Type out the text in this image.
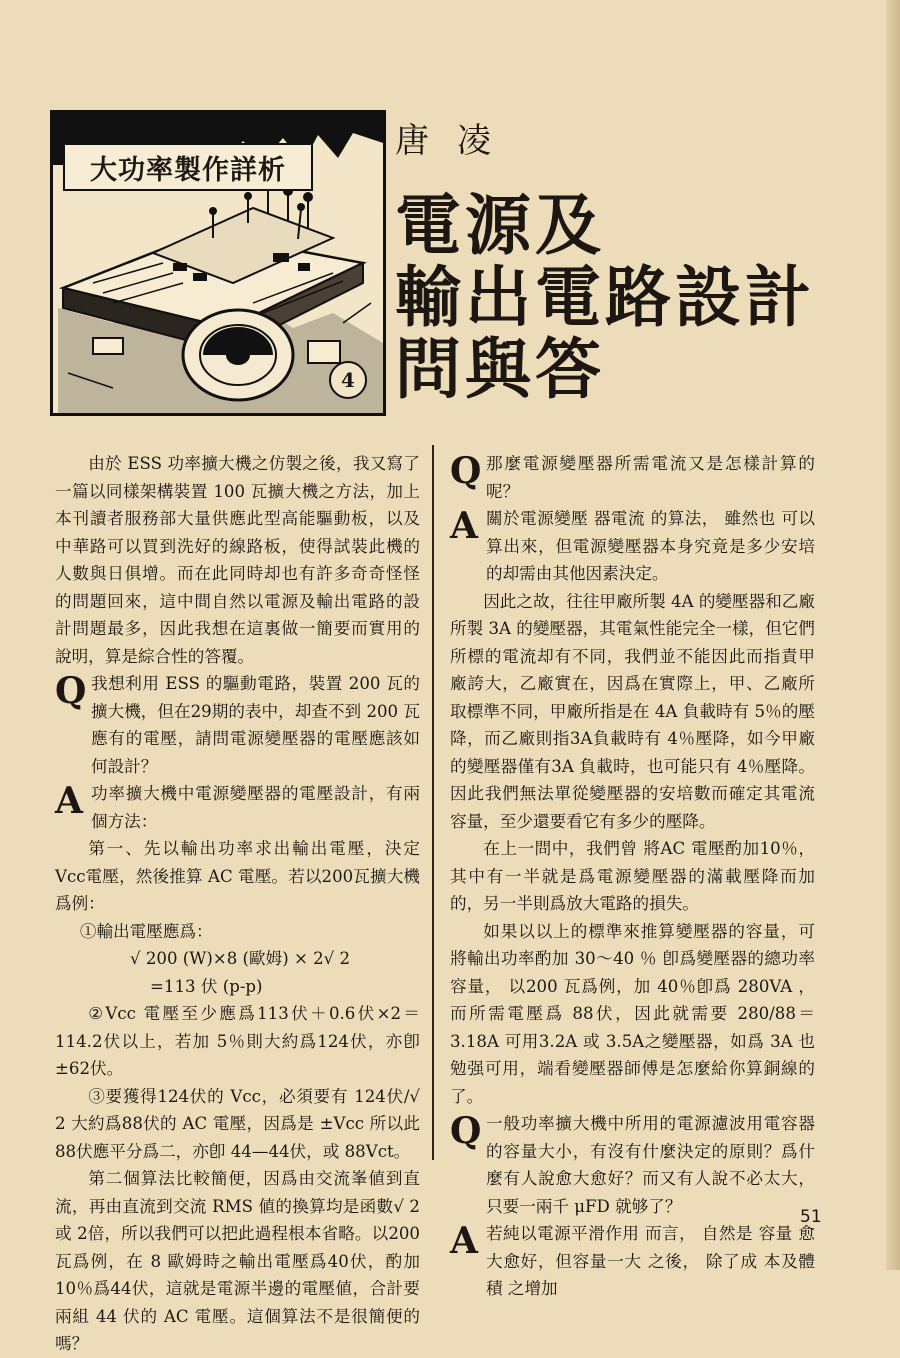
大功率製作詳析
4
唐凌
電源及
輸出電路設計
問與答

由於 ESS 功率擴大機之仿製之後，我又寫了一篇以同樣架構裝置 100 瓦擴大機之方法，加上本刊讀者服務部大量供應此型高能驅動板，以及中華路可以買到洗好的線路板，使得試裝此機的人數與日俱增。而在此同時却也有許多奇奇怪怪的問題回來，這中間自然以電源及輸出電路的設計問題最多，因此我想在這裏做一簡要而實用的說明，算是綜合性的答覆。

Q 我想利用 ESS 的驅動電路，裝置 200 瓦的擴大機，但在29期的表中，却查不到 200 瓦應有的電壓，請問電源變壓器的電壓應該如何設計？
A 功率擴大機中電源變壓器的電壓設計，有兩個方法：

第一、先以輸出功率求出輸出電壓，決定 Vcc電壓，然後推算 AC 電壓。若以200瓦擴大機爲例：

①輸出電壓應爲：

√ 200 (W)×8 (歐姆) × 2√ 2
=113 伏 (p-p)

②Vcc 電壓至少應爲113伏＋0.6伏×2＝114.2伏以上，若加 5％則大約爲124伏，亦卽±62伏。

③要獲得124伏的 Vcc，必須要有 124伏/√ 2 大約爲88伏的 AC 電壓，因爲是 ±Vcc 所以此88伏應平分爲二，亦卽 44—44伏，或 88Vct。

第二個算法比較簡便，因爲由交流峯値到直流，再由直流到交流 RMS 値的換算均是函數√ 2 或 2倍，所以我們可以把此過程根本省略。以200瓦爲例，在 8 歐姆時之輸出電壓爲40伏，酌加10％爲44伏，這就是電源半邊的電壓値，合計要兩組 44 伏的 AC 電壓。這個算法不是很簡便的嗎？

Q 那麼電源變壓器所需電流又是怎樣計算的呢？
A 關於電源變壓 器電流 的算法， 雖然也 可以算出來，但電源變壓器本身究竟是多少安培的却需由其他因素決定。

因此之故，往往甲廠所製 4A 的變壓器和乙廠所製 3A 的變壓器，其電氣性能完全一樣，但它們所標的電流却有不同，我們並不能因此而指責甲廠誇大，乙廠實在，因爲在實際上，甲、乙廠所取標準不同，甲廠所指是在 4A 負載時有 5％的壓降，而乙廠則指3A負載時有 4％壓降，如今甲廠的變壓器僅有3A 負載時，也可能只有 4％壓降。因此我們無法單從變壓器的安培數而確定其電流容量，至少還要看它有多少的壓降。

在上一問中，我們曾 將AC 電壓酌加10％，其中有一半就是爲電源變壓器的滿載壓降而加的，另一半則爲放大電路的損失。

如果以以上的標準來推算變壓器的容量，可將輸出功率酌加 30～40 ％ 卽爲變壓器的總功率容量， 以200 瓦爲例，加 40％卽爲 280VA ，而所需電壓爲 88伏，因此就需要 280/88＝3.18A 可用3.2A 或 3.5A之變壓器，如爲 3A 也勉强可用，端看變壓器師傅是怎麼給你算銅線的了。

Q 一般功率擴大機中所用的電源濾波用電容器的容量大小，有沒有什麼決定的原則？爲什麼有人說愈大愈好？而又有人說不必太大， 只要一兩千 μFD 就够了？
A 若純以電源平滑作用 而言， 自然是 容量 愈大愈好，但容量一大 之後， 除了成 本及體積 之增加
51
